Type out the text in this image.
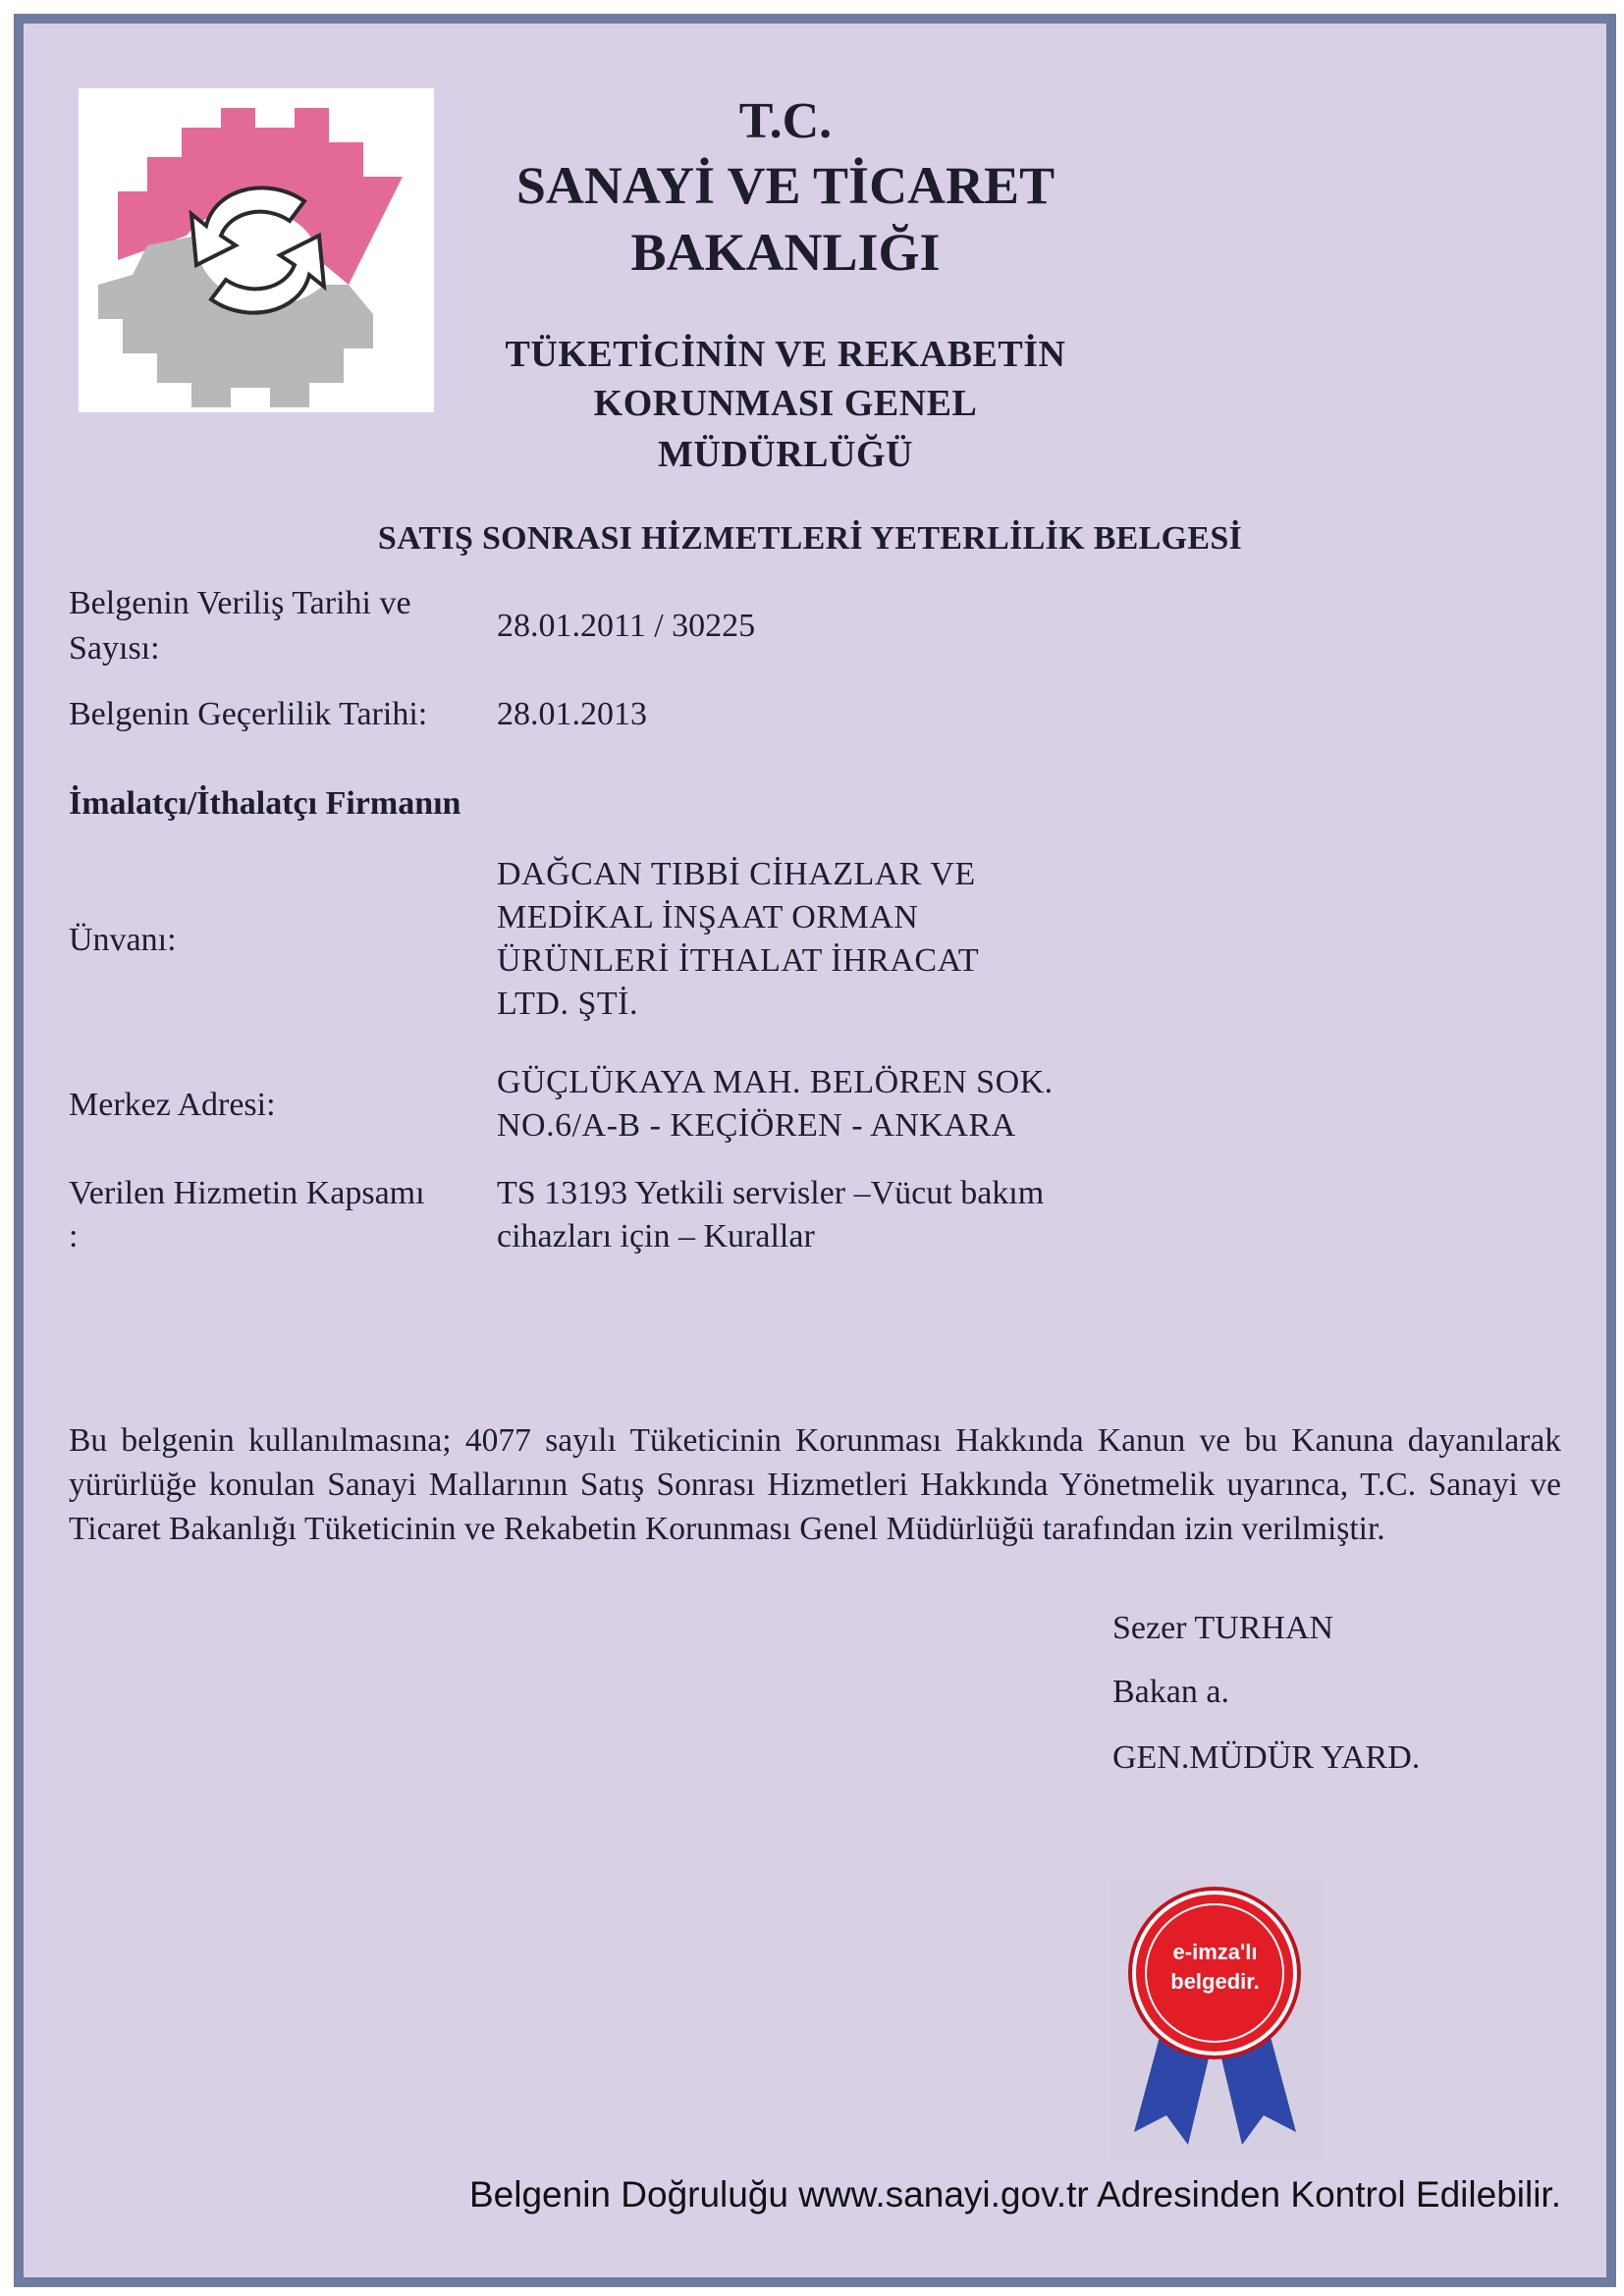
T.C.
SANAYİ VE TİCARET
BAKANLIĞI
TÜKETİCİNİN VE REKABETİN
KORUNMASI GENEL
MÜDÜRLÜĞÜ
SATIŞ SONRASI HİZMETLERİ YETERLİLİK BELGESİ
Belgenin Veriliş Tarihi ve
Sayısı:
28.01.2011 / 30225
Belgenin Geçerlilik Tarihi: 28.01.2013
İmalatçı/İthalatçı Firmanın
Ünvanı:
DAĞCAN TIBBİ CİHAZLAR VE
MEDİKAL İNŞAAT ORMAN
ÜRÜNLERİ İTHALAT İHRACAT
LTD. ŞTİ.
Merkez Adresi:
GÜÇLÜKAYA MAH. BELÖREN SOK.
NO.6/A-B - KEÇİÖREN - ANKARA
Verilen Hizmetin Kapsamı
:
TS 13193 Yetkili servisler –Vücut bakım
cihazları için – Kurallar
Bu belgenin kullanılmasına; 4077 sayılı Tüketicinin Korunması Hakkında Kanun ve bu Kanuna dayanılarak yürürlüğe konulan Sanayi Mallarının Satış Sonrası Hizmetleri Hakkında Yönetmelik uyarınca, T.C. Sanayi ve Ticaret Bakanlığı Tüketicinin ve Rekabetin Korunması Genel Müdürlüğü tarafından izin verilmiştir.
Sezer TURHAN
Bakan a.
GEN.MÜDÜR YARD.
e-imza'lı
belgedir.
Belgenin Doğruluğu www.sanayi.gov.tr Adresinden Kontrol Edilebilir.
